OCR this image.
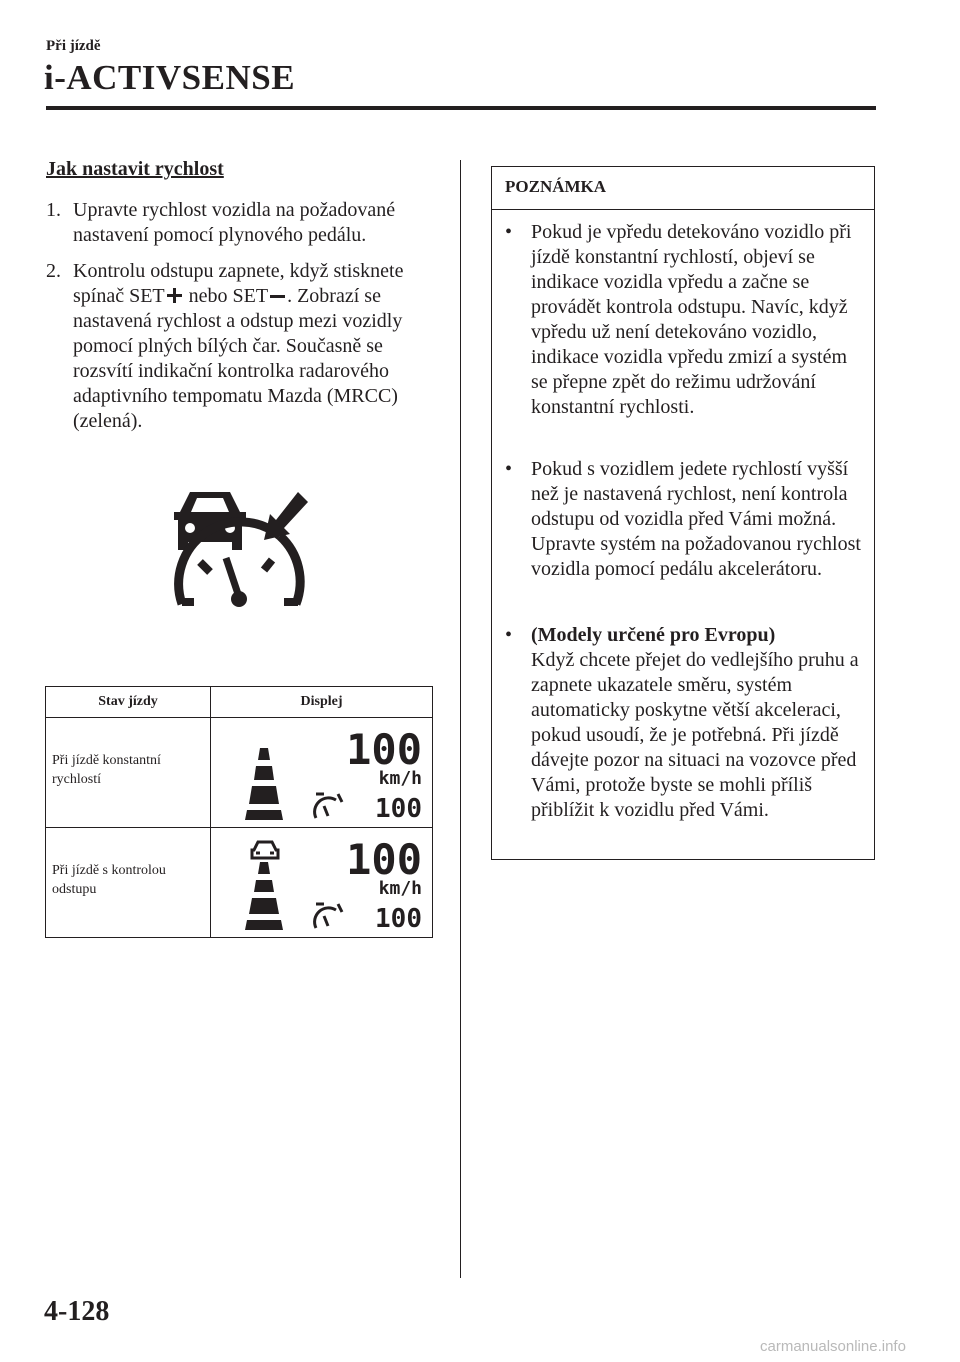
Při jízdě
i-ACTIVSENSE
Jak nastavit rychlost
1. Upravte rychlost vozidla na požadované nastavení pomocí plynového pedálu.
2. Kontrolu odstupu zapnete, když stisknete spínač SET nebo SET . Zobrazí se nastavená rychlost a odstup mezi vozidly pomocí plných bílých čar. Současně se rozsvítí indikační kontrolka radarového adaptivního tempomatu Mazda (MRCC) (zelená).
Stav jízdy	Displej
Při jízdě konstantní rychlostí
Při jízdě s kontrolou odstupu
100
km/h
100
100
km/h
100
POZNÁMKA
• Pokud je vpředu detekováno vozidlo při jízdě konstantní rychlostí, objeví se indikace vozidla vpředu a začne se provádět kontrola odstupu. Navíc, když vpředu už není detekováno vozidlo, indikace vozidla vpředu zmizí a systém se přepne zpět do režimu udržování konstantní rychlosti.
• Pokud s vozidlem jedete rychlostí vyšší než je nastavená rychlost, není kontrola odstupu od vozidla před Vámi možná. Upravte systém na požadovanou rychlost vozidla pomocí pedálu akcelerátoru.
• (Modely určené pro Evropu)
Když chcete přejet do vedlejšího pruhu a zapnete ukazatele směru, systém automaticky poskytne větší akceleraci, pokud usoudí, že je potřebná. Při jízdě dávejte pozor na situaci na vozovce před Vámi, protože byste se mohli příliš přiblížit k vozidlu před Vámi.
4-128
carmanualsonline.info
